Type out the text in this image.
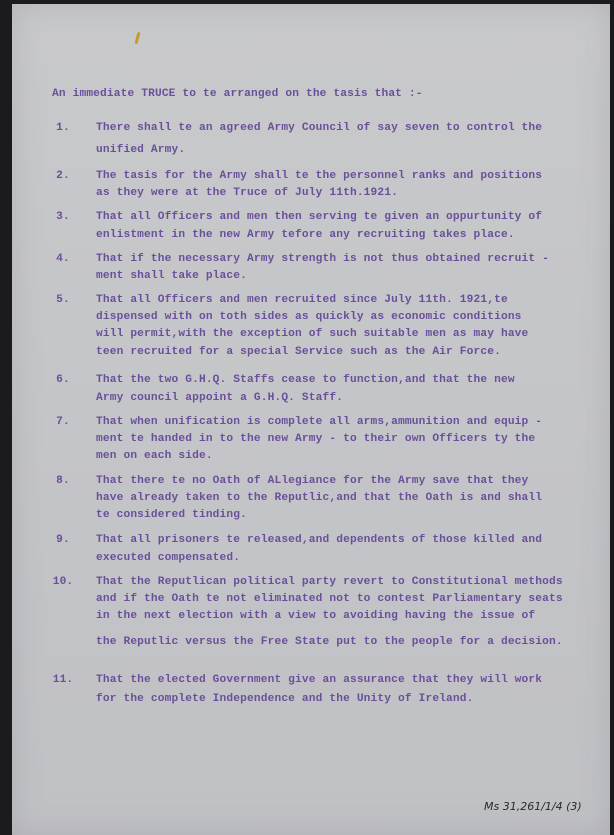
An immediate TRUCE to te arranged on the tasis that :-
1.	There shall te an agreed Army Council of say seven to control the
unified Army.
2.	The tasis for the Army shall te the personnel ranks and positions
as they were at the Truce of July 11th.1921.
3.	That all Officers and men then serving te given an oppurtunity of
enlistment in the new Army tefore any recruiting takes place.
4.	That if the necessary Army strength is not thus obtained recruit -
ment shall take place.
5.	That all Officers and men recruited since July 11th. 1921,te
dispensed with on toth sides as quickly as economic conditions
will permit,with the exception of such suitable men as may have
teen recruited for a special Service such as the Air Force.
6.	That the two G.H.Q. Staffs cease to function,and that the new
Army council appoint a G.H.Q. Staff.
7.	That when unification is complete all arms,ammunition and equip -
ment te handed in to the new Army - to their own Officers ty the
men on each side.
8.	That there te no Oath of ALlegiance for the Army save that they
have already taken to the Reputlic,and that the Oath is and shall
te considered tinding.
9.	That all prisoners te released,and dependents of those killed and
executed compensated.
10.	That the Reputlican political party revert to Constitutional methods
and if the Oath te not eliminated not to contest Parliamentary seats
in the next election with a view to avoiding having the issue of
the Reputlic versus the Free State put to the people for a decision.
11.	That the elected Government give an assurance that they will work
for the complete Independence and the Unity of Ireland.
Ms 31,261/1/4 (3)
